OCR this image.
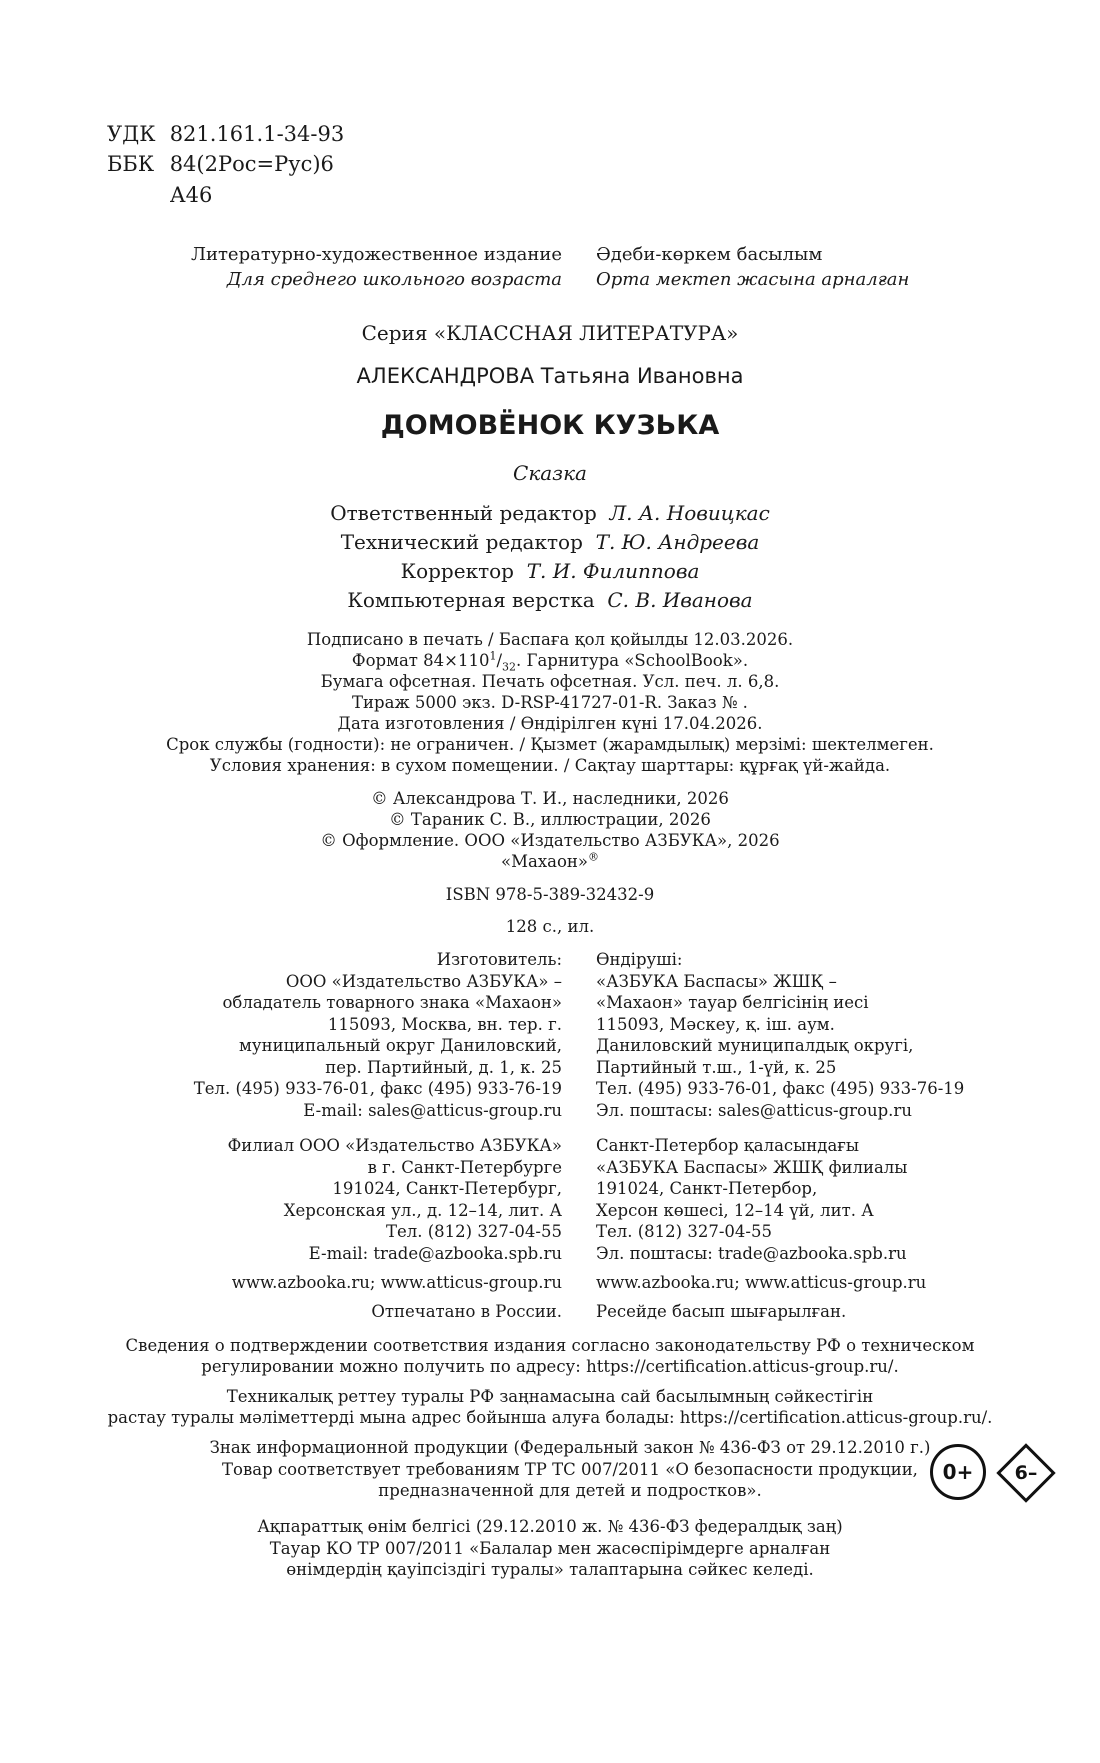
УДК 821.161.1-34-93
ББК 84(2Рос=Рус)6
А46
Литературно-художественное издание
Для среднего школьного возраста
Әдеби-көркем басылым
Орта мектеп жасына арналған
Серия «КЛАССНАЯ ЛИТЕРАТУРА»
АЛЕКСАНДРОВА Татьяна Ивановна
ДОМОВЁНОК КУЗЬКА
Сказка
Ответственный редактор Л. А. Новицкас
Технический редактор Т. Ю. Андреева
Корректор Т. И. Филиппова
Компьютерная верстка С. В. Иванова
Подписано в печать / Баспаға қол қойылды 12.03.2026.
Формат $84\times 110^1/_{32}$. Гарнитура «SchoolBook».
Бумага офсетная. Печать офсетная. Усл. печ. л. 6,8.
Тираж 5000 экз. D-RSP-41727-01-R. Заказ № .
Дата изготовления / Өндірілген күні 17.04.2026.
Срок службы (годности): не ограничен. / Қызмет (жарамдылық) мерзімі: шектелмеген.
Условия хранения: в сухом помещении. / Сақтау шарттары: құрғақ үй-жайда.
© Александрова Т. И., наследники, 2026
© Тараник С. В., иллюстрации, 2026
© Оформление. ООО «Издательство АЗБУКА», 2026
«Махаон»®
ISBN 978-5-389-32432-9
128 с., ил.
Изготовитель:
ООО «Издательство АЗБУКА» –
обладатель товарного знака «Махаон»
115093, Москва, вн. тер. г.
муниципальный округ Даниловский,
пер. Партийный, д. 1, к. 25
Тел. (495) 933-76-01, факс (495) 933-76-19
E-mail: sales@atticus-group.ru
Өндіруші:
«АЗБУКА Баспасы» ЖШҚ –
«Махаон» тауар белгісінің иесі
115093, Мәскеу, қ. іш. аум.
Даниловский муниципалдық округі,
Партийный т.ш., 1-үй, к. 25
Тел. (495) 933-76-01, факс (495) 933-76-19
Эл. поштасы: sales@atticus-group.ru
Филиал ООО «Издательство АЗБУКА»
в г. Санкт-Петербурге
191024, Санкт-Петербург,
Херсонская ул., д. 12–14, лит. А
Тел. (812) 327-04-55
E-mail: trade@azbooka.spb.ru
Санкт-Петербор қаласындағы
«АЗБУКА Баспасы» ЖШҚ филиалы
191024, Санкт-Петербор,
Херсон көшесі, 12–14 үй, лит. А
Тел. (812) 327-04-55
Эл. поштасы: trade@azbooka.spb.ru
www.azbooka.ru; www.atticus-group.ru www.azbooka.ru; www.atticus-group.ru
Отпечатано в России. Ресейде басып шығарылған.
Сведения о подтверждении соответствия издания согласно законодательству РФ о техническом
регулировании можно получить по адресу: https://certification.atticus-group.ru/.
Техникалық реттеу туралы РФ заңнамасына сай басылымның сәйкестігін
растау туралы мәліметтерді мына адрес бойынша алуға болады: https://certification.atticus-group.ru/.
Знак информационной продукции (Федеральный закон № 436-ФЗ от 29.12.2010 г.)
Товар соответствует требованиям ТР ТС 007/2011 «О безопасности продукции,
предназначенной для детей и подростков».
0+	6–
Ақпараттық өнім белгісі (29.12.2010 ж. № 436-ФЗ федералдық заң)
Тауар КО ТР 007/2011 «Балалар мен жасөспірімдерге арналған
өнімдердің қауіпсіздігі туралы» талаптарына сәйкес келеді.
